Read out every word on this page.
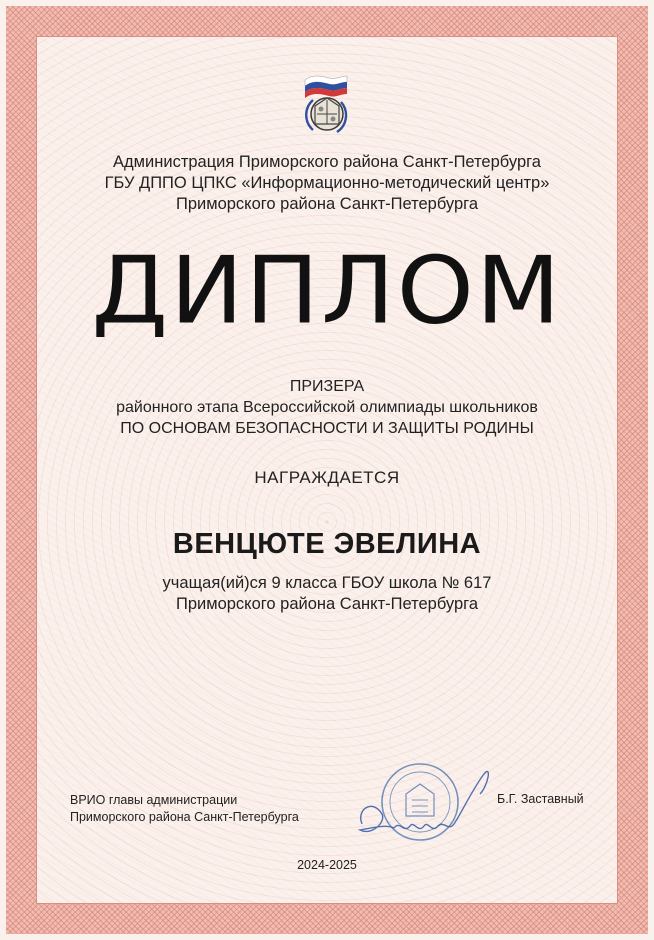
Администрация Приморского района Санкт-Петербурга
ГБУ ДППО ЦПКС «Информационно-методический центр»
Приморского района Санкт-Петербурга
ДИПЛОМ
ПРИЗЕРА
районного этапа Всероссийской олимпиады школьников
ПО ОСНОВАМ БЕЗОПАСНОСТИ И ЗАЩИТЫ РОДИНЫ
НАГРАЖДАЕТСЯ
ВЕНЦЮТЕ ЭВЕЛИНА
учащая(ий)ся 9 класса ГБОУ школа № 617
Приморского района Санкт-Петербурга
ВРИО главы администрации
Приморского района Санкт-Петербурга
Б.Г. Заставный
2024-2025
